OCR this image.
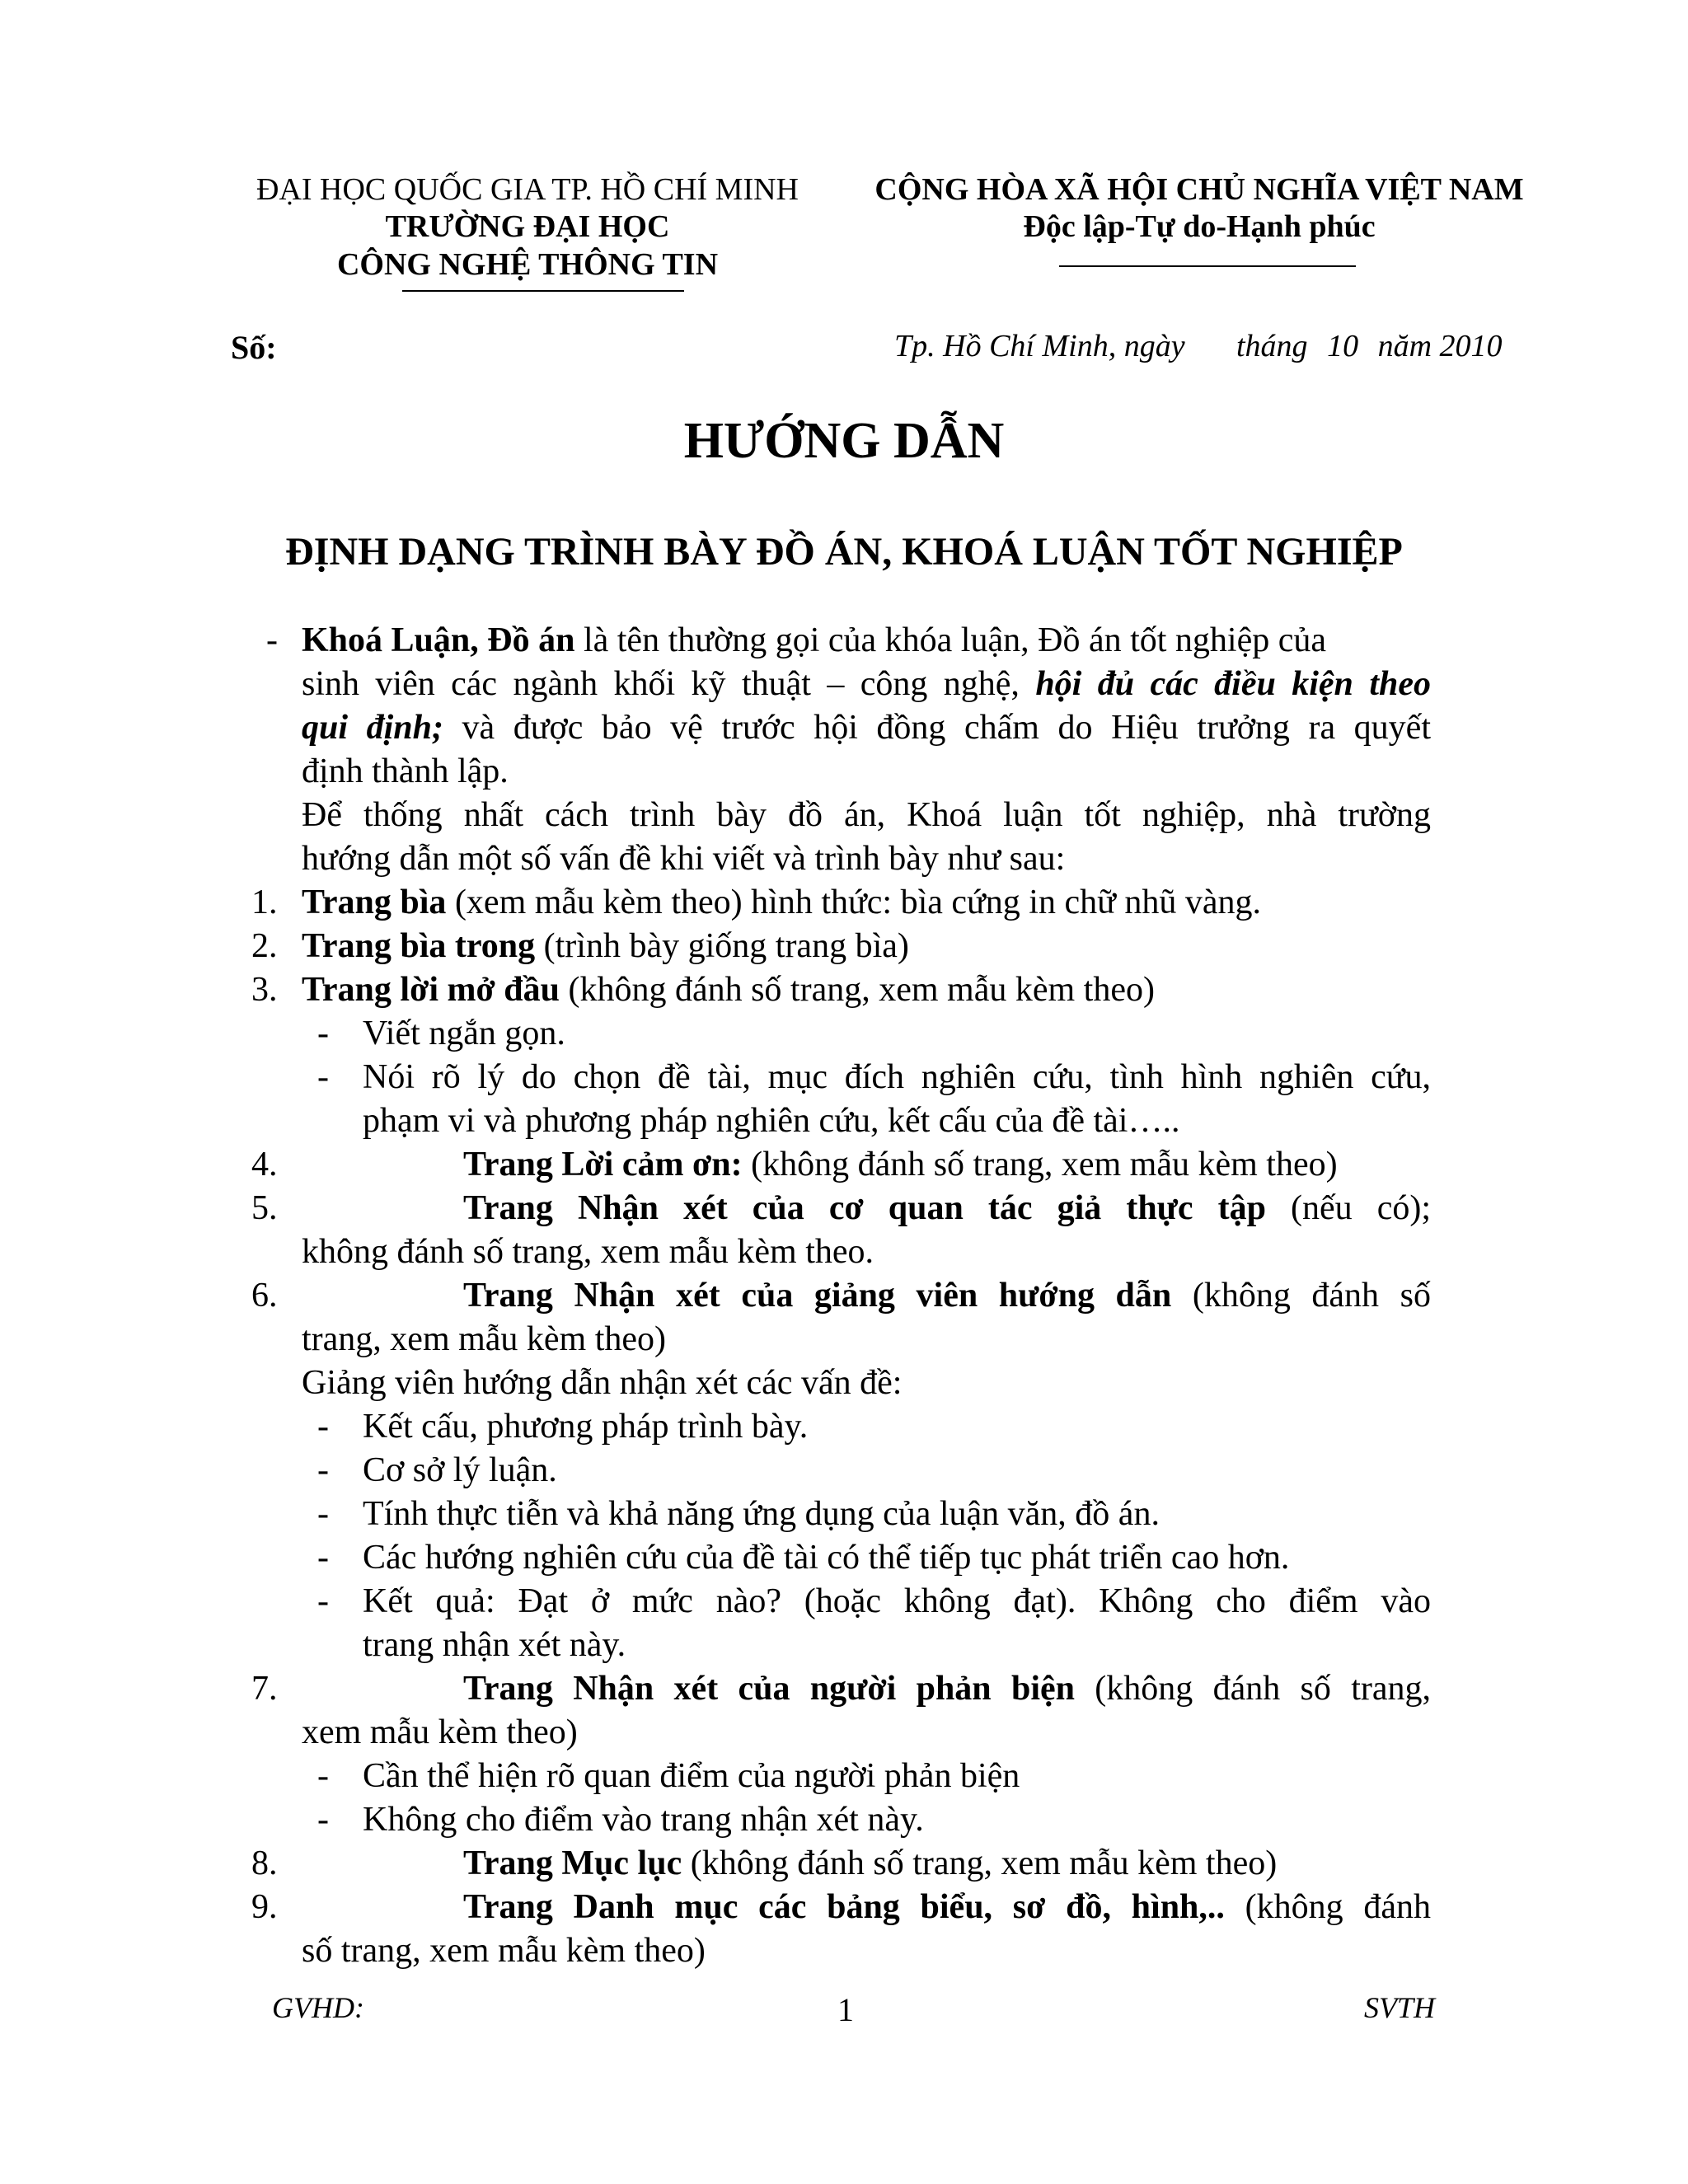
ĐẠI HỌC QUỐC GIA TP. HỒ CHÍ MINH
TRƯỜNG ĐẠI HỌC
CÔNG NGHỆ THÔNG TIN
CỘNG HÒA XÃ HỘI CHỦ NGHĨA VIỆT NAM
Độc lập-Tự do-Hạnh phúc
Số:	Tp. Hồ Chí Minh, ngày tháng 10 năm 2010
HƯỚNG DẪN
ĐỊNH DẠNG TRÌNH BÀY ĐỒ ÁN, KHOÁ LUẬN TỐT NGHIỆP
- Khoá Luận, Đồ án là tên thường gọi của khóa luận, Đồ án tốt nghiệp của
sinh viên các ngành khối kỹ thuật – công nghệ, hội đủ các điều kiện theo
qui định; và được bảo vệ trước hội đồng chấm do Hiệu trưởng ra quyết
định thành lập.
Để thống nhất cách trình bày đồ án, Khoá luận tốt nghiệp, nhà trường
hướng dẫn một số vấn đề khi viết và trình bày như sau:
1. Trang bìa (xem mẫu kèm theo) hình thức: bìa cứng in chữ nhũ vàng.
2. Trang bìa trong (trình bày giống trang bìa)
3. Trang lời mở đầu (không đánh số trang, xem mẫu kèm theo)
- Viết ngắn gọn.
- Nói rõ lý do chọn đề tài, mục đích nghiên cứu, tình hình nghiên cứu,
phạm vi và phương pháp nghiên cứu, kết cấu của đề tài…..
4.	Trang Lời cảm ơn: (không đánh số trang, xem mẫu kèm theo)
5.	Trang Nhận xét của cơ quan tác giả thực tập (nếu có);
không đánh số trang, xem mẫu kèm theo.
6.	Trang Nhận xét của giảng viên hướng dẫn (không đánh số
trang, xem mẫu kèm theo)
Giảng viên hướng dẫn nhận xét các vấn đề:
- Kết cấu, phương pháp trình bày.
- Cơ sở lý luận.
- Tính thực tiễn và khả năng ứng dụng của luận văn, đồ án.
- Các hướng nghiên cứu của đề tài có thể tiếp tục phát triển cao hơn.
- Kết quả: Đạt ở mức nào? (hoặc không đạt). Không cho điểm vào
trang nhận xét này.
7.	Trang Nhận xét của người phản biện (không đánh số trang,
xem mẫu kèm theo)
- Cần thể hiện rõ quan điểm của người phản biện
- Không cho điểm vào trang nhận xét này.
8.	Trang Mục lục (không đánh số trang, xem mẫu kèm theo)
9.	Trang Danh mục các bảng biểu, sơ đồ, hình,.. (không đánh
số trang, xem mẫu kèm theo)
GVHD:	1	SVTH
